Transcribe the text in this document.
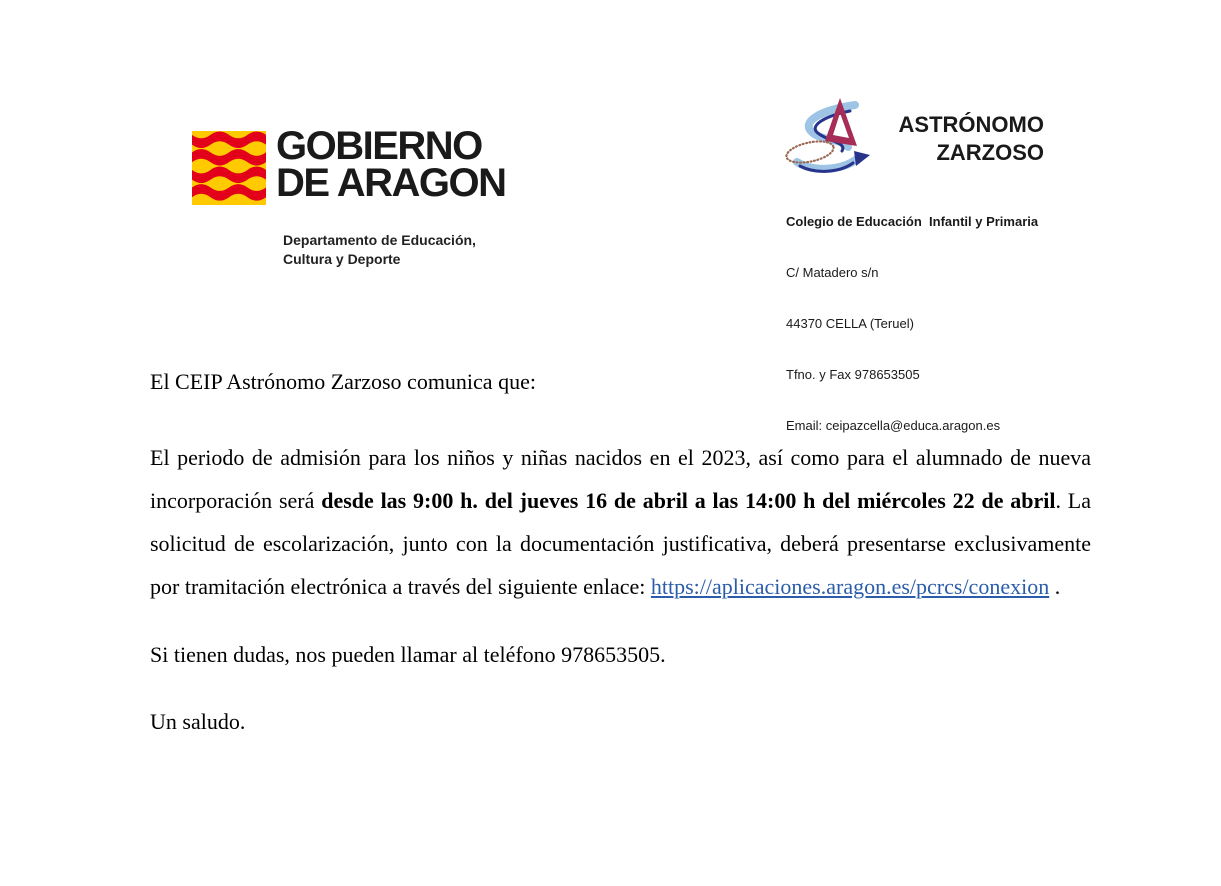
GOBIERNO
DE ARAGON
Departamento de Educación,
Cultura y Deporte
ASTRÓNOMO
ZARZOSO

Colegio de Educación  Infantil y Primaria

C/ Matadero s/n

44370 CELLA (Teruel)

Tfno. y Fax 978653505

Email: ceipazcella@educa.aragon.es

El CEIP Astrónomo Zarzoso comunica que:

El periodo de admisión para los niños y niñas nacidos en el 2023, así como para el alumnado de nueva incorporación será desde las 9:00 h. del jueves 16 de abril a las 14:00 h del miércoles 22 de abril. La solicitud de escolarización, junto con la documentación justificativa, deberá presentarse exclusivamente por tramitación electrónica a través del siguiente enlace: https://aplicaciones.aragon.es/pcrcs/conexion .

Si tienen dudas, nos pueden llamar al teléfono 978653505.

Un saludo.
